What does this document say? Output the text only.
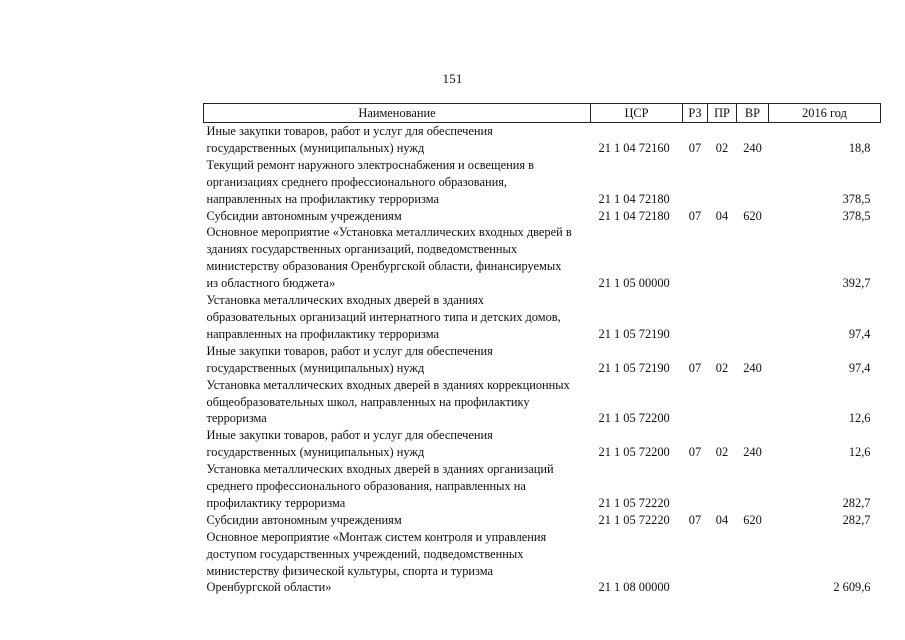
151
Наименование	ЦСР	РЗ	ПР	ВР	2016 год

Иные закупки товаров, работ и услуг для обеспечения
государственных (муниципальных) нужд	21 1 04 72160	07	02	240	18,8

Текущий ремонт наружного электроснабжения и освещения в
организациях среднего профессионального образования,
направленных на профилактику терроризма	21 1 04 72180				378,5

Субсидии автономным учреждениям	21 1 04 72180	07	04	620	378,5

Основное мероприятие «Установка металлических входных дверей в
зданиях государственных организаций, подведомственных
министерству образования Оренбургской области, финансируемых
из областного бюджета»	21 1 05 00000				392,7

Установка металлических входных дверей в зданиях
образовательных организаций интернатного типа и детских домов,
направленных на профилактику терроризма	21 1 05 72190				97,4

Иные закупки товаров, работ и услуг для обеспечения
государственных (муниципальных) нужд	21 1 05 72190	07	02	240	97,4

Установка металлических входных дверей в зданиях коррекционных
общеобразовательных школ, направленных на профилактику
терроризма	21 1 05 72200				12,6

Иные закупки товаров, работ и услуг для обеспечения
государственных (муниципальных) нужд	21 1 05 72200	07	02	240	12,6

Установка металлических входных дверей в зданиях организаций
среднего профессионального образования, направленных на
профилактику терроризма	21 1 05 72220				282,7

Субсидии автономным учреждениям	21 1 05 72220	07	04	620	282,7

Основное мероприятие «Монтаж систем контроля и управления
доступом государственных учреждений, подведомственных
министерству физической культуры, спорта и туризма
Оренбургской области»	21 1 08 00000				2 609,6
